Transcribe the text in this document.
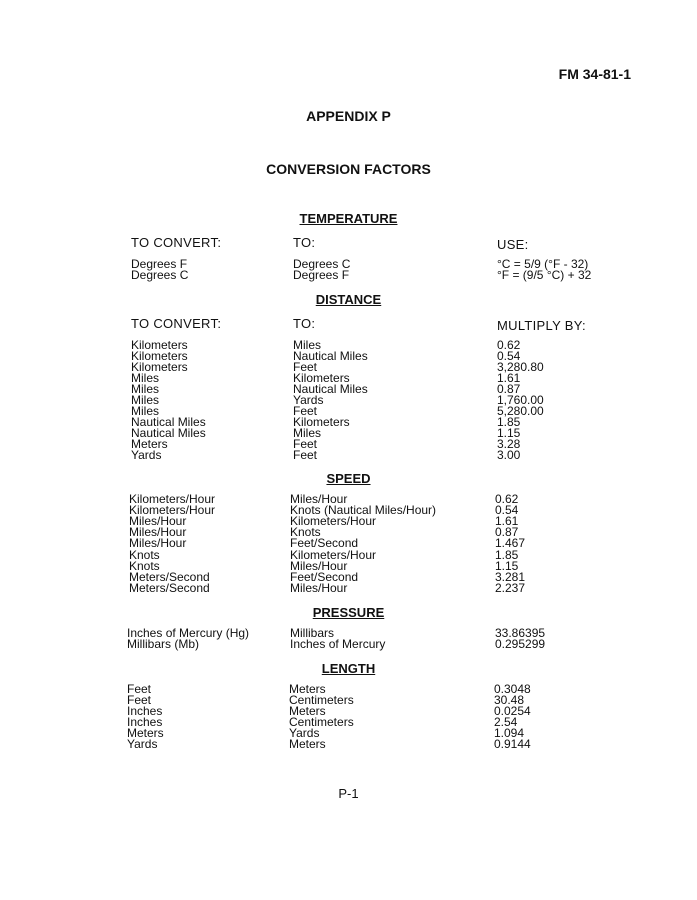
FM 34-81-1
APPENDIX P
CONVERSION FACTORS
TEMPERATURE
TO CONVERT:	TO:	USE:
Degrees F	Degrees C	°C = 5/9 (°F - 32)
Degrees C	Degrees F	°F = (9/5 °C) + 32
DISTANCE
TO CONVERT:	TO:	MULTIPLY BY:
Kilometers	Miles	0.62
Kilometers	Nautical Miles	0.54
Kilometers	Feet	3,280.80
Miles	Kilometers	1.61
Miles	Nautical Miles	0.87
Miles	Yards	1,760.00
Miles	Feet	5,280.00
Nautical Miles	Kilometers	1.85
Nautical Miles	Miles	1.15
Meters	Feet	3.28
Yards	Feet	3.00
SPEED
Kilometers/Hour	Miles/Hour	0.62
Kilometers/Hour	Knots (Nautical Miles/Hour)	0.54
Miles/Hour	Kilometers/Hour	1.61
Miles/Hour	Knots	0.87
Miles/Hour	Feet/Second	1.467
Knots	Kilometers/Hour	1.85
Knots	Miles/Hour	1.15
Meters/Second	Feet/Second	3.281
Meters/Second	Miles/Hour	2.237
PRESSURE
Inches of Mercury (Hg)	Millibars	33.86395
Millibars (Mb)	Inches of Mercury	0.295299
LENGTH
Feet	Meters	0.3048
Feet	Centimeters	30.48
Inches	Meters	0.0254
Inches	Centimeters	2.54
Meters	Yards	1.094
Yards	Meters	0.9144
P-1
